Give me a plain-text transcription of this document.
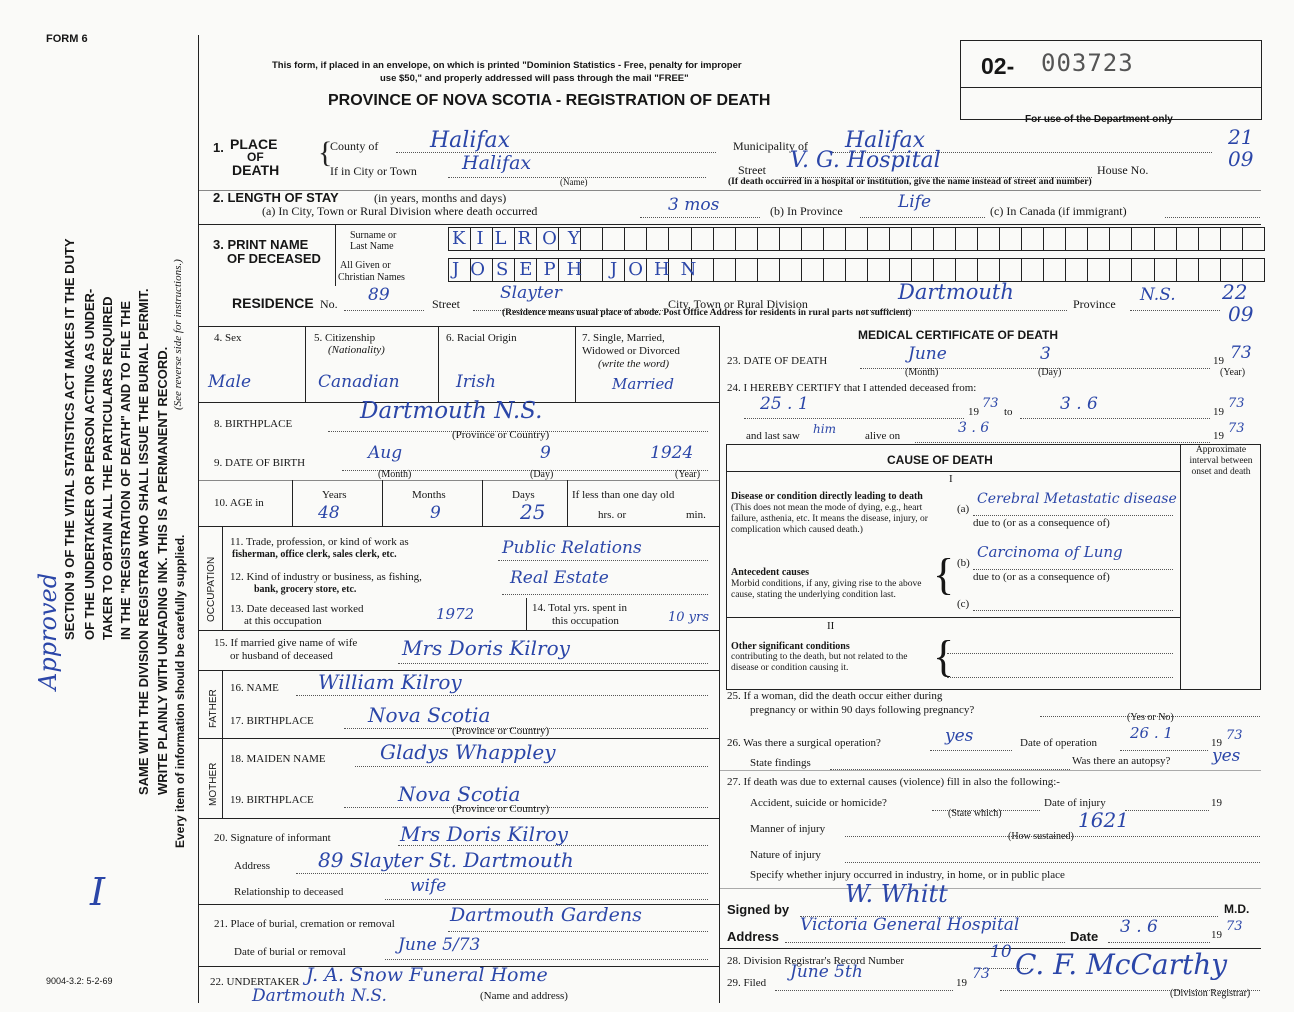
FORM 6
This form, if placed in an envelope, on which is printed "Dominion Statistics - Free, penalty for improper
use $50," and properly addressed will pass through the mail "FREE"
PROVINCE OF NOVA SCOTIA - REGISTRATION OF DEATH
02- 003723
For use of the Department only
21
09
22
09
SECTION 9 OF THE VITAL STATISTICS ACT MAKES IT THE DUTY OF THE UNDERTAKER OR PERSON ACTING AS UNDER- TAKER TO OBTAIN ALL THE PARTICULARS REQUIRED IN THE "REGISTRATION OF DEATH" AND TO FILE THE SAME WITH THE DIVISION REGISTRAR WHO SHALL ISSUE THE BURIAL PERMIT. WRITE PLAINLY WITH UNFADING INK. THIS IS A PERMANENT RECORD.
(See reverse side for instructions.)
Every item of information should be carefully supplied.
Approved
I
9004-3.2: 5-2-69
1. PLACE
OF
DEATH
{
County of Halifax	Municipality of Halifax
If in City or Town Halifax
(Name)
Street V. G. Hospital	House No.
(If death occurred in a hospital or institution, give the name instead of street and number)
2. LENGTH OF STAY	(in years, months and days)
(a) In City, Town or Rural Division where death occurred	3 mos	(b) In Province	Life	(c) In Canada (if immigrant)
3. PRINT NAME
OF DECEASED
Surname or
Last Name	KILROY
All Given or
Christian Names	JOSEPH JOHN
RESIDENCE No. 89	Street
Slayter
City, Town or Rural Division	Dartmouth	Province N.S.
(Residence means usual place of abode. Post Office Address for residents in rural parts not sufficient)
4. Sex
Male
5. Citizenship
(Nationality)
Canadian
6. Racial Origin
Irish
7. Single, Married,
Widowed or Divorced
(write the word)
Married
8. BIRTHPLACE	Dartmouth N.S.
(Province or Country)
9. DATE OF BIRTH	Aug	9	1924
(Month)	(Day)	(Year)
10. AGE in
Years
48
Months
9
Days
25
If less than one day old
hrs. or	min.
OCCUPATION
11. Trade, profession, or kind of work as
fisherman, office clerk, sales clerk, etc.	Public Relations
12. Kind of industry or business, as fishing,
bank, grocery store, etc.
Real Estate
13. Date deceased last worked
at this occupation	1972	14. Total yrs. spent in
this occupation	10 yrs
15. If married give name of wife
or husband of deceased	Mrs Doris Kilroy
FATHER
16. NAME William Kilroy
17. BIRTHPLACE	Nova Scotia
(Province or Country)
MOTHER
18. MAIDEN NAME	Gladys Whappley
19. BIRTHPLACE	Nova Scotia
(Province or Country)
20. Signature of informant	Mrs Doris Kilroy
Address 89 Slayter St. Dartmouth
Relationship to deceased	wife
21. Place of burial, cremation or removal	Dartmouth Gardens
Date of burial or removal	June 5/73
22. UNDERTAKER J. A. Snow Funeral Home
Dartmouth N.S.	(Name and address)
MEDICAL CERTIFICATE OF DEATH
23. DATE OF DEATH	June	3	19 73
(Month)	(Day)	(Year)
24. I HEREBY CERTIFY that I attended deceased from:
25 . 1	19
73
to	3 . 6	19
73
and last saw him	alive on	3 . 6	19 73
CAUSE OF DEATH
Approximate interval between onset and death
I
Disease or condition directly leading to death
(This does not mean the mode of dying, e.g., heart failure, asthenia, etc. It means the disease, injury, or complication which caused death.)
(a)
Cerebral Metastatic disease
due to (or as a consequence of)
Antecedent causes
Morbid conditions, if any, giving rise to the above cause, stating the underlying condition last. { (b)
Carcinoma of Lung
due to (or as a consequence of)
(c)
II
Other significant conditions
contributing to the death, but not related to the disease or condition causing it.	{
25. If a woman, did the death occur either during
pregnancy or within 90 days following pregnancy?
(Yes or No)
26. Was there a surgical operation?	yes	Date of operation
26 . 1
19 73
State findings	Was there an autopsy? yes
27. If death was due to external causes (violence) fill in also the following:-
Accident, suicide or homicide?	Date of injury	19
(State which)
Manner of injury	1621
(How sustained)
Nature of injury
Specify whether injury occurred in industry, in home, or in public place
Signed by
W. Whitt
M.D.
Address
Victoria General Hospital
Date 3 . 6	19
73
28. Division Registrar's Record Number	10
29. Filed
June 5th
19
73 C. F. McCarthy
(Division Registrar)
